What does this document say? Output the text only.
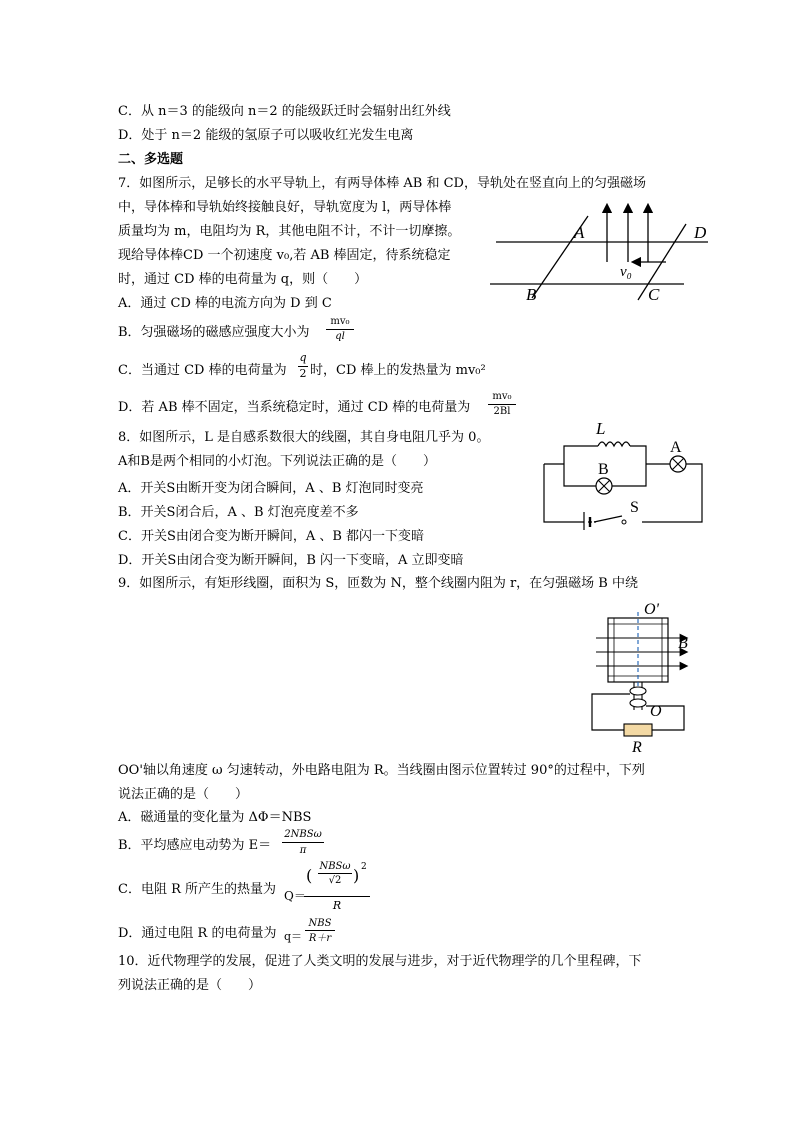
C．从 n＝3 的能级向 n＝2 的能级跃迁时会辐射出红外线
D．处于 n＝2 能级的氢原子可以吸收红光发生电离
二、多选题
7．如图所示，足够长的水平导轨上，有两导体棒 AB 和 CD，导轨处在竖直向上的匀强磁场
中，导体棒和导轨始终接触良好，导轨宽度为 l，两导体棒
质量均为 m，电阻均为 R，其他电阻不计，不计一切摩擦。
现给导体棒CD 一个初速度 v₀,若 AB 棒固定，待系统稳定
时，通过 CD 棒的电荷量为 q，则（　　）
A．通过 CD 棒的电流方向为 D 到 C
B．匀强磁场的磁感应强度大小为
mv₀
ql
C．当通过 CD 棒的电荷量为
q
2 时，CD 棒上的发热量为 mv₀²
D．若 AB 棒不固定，当系统稳定时，通过 CD 棒的电荷量为
mv₀
2Bl
8．如图所示，L 是自感系数很大的线圈，其自身电阻几乎为 0。
A和B是两个相同的小灯泡。下列说法正确的是（　　）
A．开关S由断开变为闭合瞬间，A 、B 灯泡同时变亮
B．开关S闭合后，A 、B 灯泡亮度差不多
C．开关S由闭合变为断开瞬间，A 、B 都闪一下变暗
D．开关S由闭合变为断开瞬间，B 闪一下变暗，A 立即变暗
9．如图所示，有矩形线圈，面积为 S，匝数为 N，整个线圈内阻为 r，在匀强磁场 B 中绕
OO'轴以角速度 ω 匀速转动，外电路电阻为 R。当线圈由图示位置转过 90°的过程中，下列
说法正确的是（　　）
A．磁通量的变化量为 ΔΦ＝NBS
B．平均感应电动势为 E＝
2NBSω
π
C．电阻 R 所产生的热量为 Q＝
( NBSω
√2 ) 2
R
D．通过电阻 R 的电荷量为 q＝
NBS
R＋r
10．近代物理学的发展，促进了人类文明的发展与进步，对于近代物理学的几个里程碑，下
列说法正确的是（　　）
A	D
B	C
v₀
L
A
B
S
O'
B
O
R
